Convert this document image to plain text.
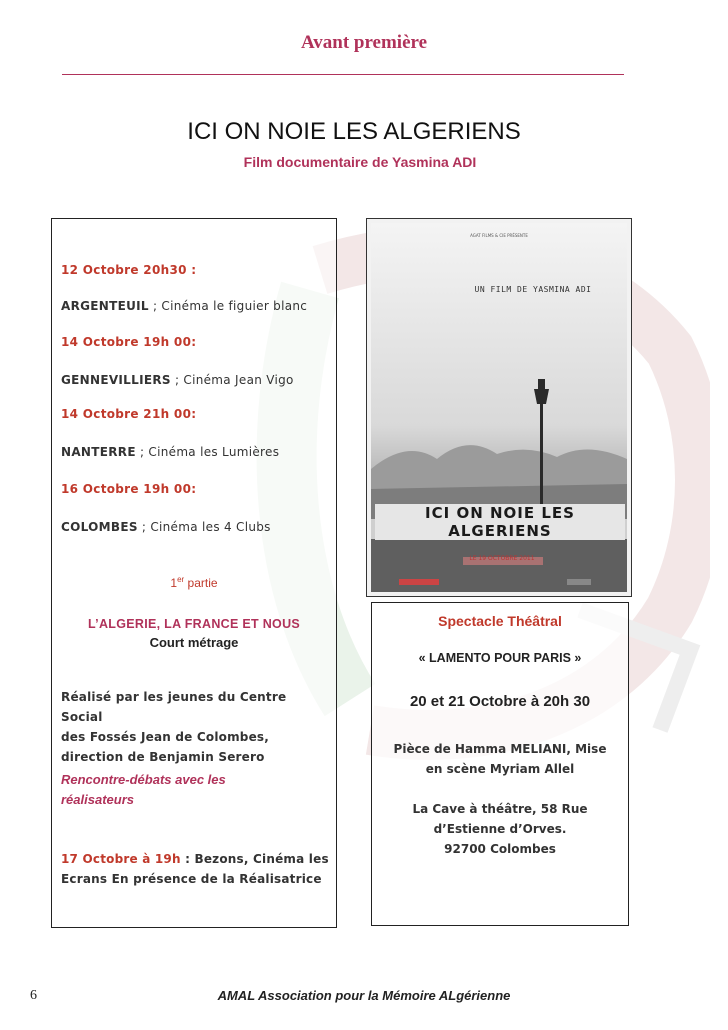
Avant première
ICI ON NOIE LES ALGERIENS
Film documentaire de Yasmina ADI
12 Octobre 20h30 :
ARGENTEUIL ; Cinéma le figuier blanc
14 Octobre 19h 00:
GENNEVILLIERS ; Cinéma Jean Vigo
14 Octobre 21h 00:
NANTERRE ; Cinéma les Lumières
16 Octobre 19h 00:
COLOMBES ; Cinéma les 4 Clubs
1er partie
L’ALGERIE, LA FRANCE ET NOUS
Court métrage
Réalisé par les jeunes du Centre Social
des Fossés Jean de Colombes,
direction de Benjamin Serero
Rencontre-débats avec les
réalisateurs
17 Octobre à 19h : Bezons, Cinéma les
Ecrans En présence de la Réalisatrice
AGAT FILMS & CIE PRÉSENTE
UN FILM DE YASMINA ADI
ICI ON NOIE LES ALGERIENS
LE 19 OCTOBRE 2011
Spectacle Théâtral
« LAMENTO POUR PARIS »
20 et 21 Octobre à 20h 30
Pièce de Hamma MELIANI, Mise
en scène Myriam Allel
La Cave à théâtre, 58 Rue
d’Estienne d’Orves.
92700 Colombes
6	AMAL Association pour la Mémoire ALgérienne
